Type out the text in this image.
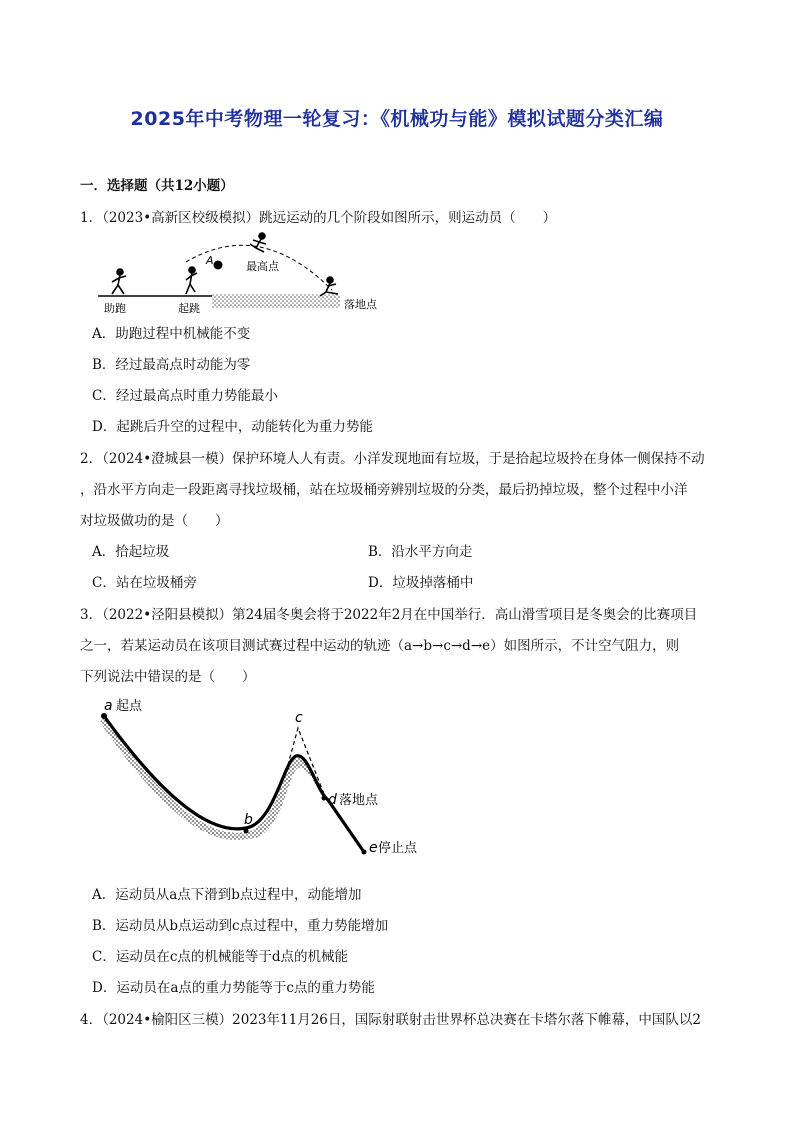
2025年中考物理一轮复习：《机械功与能》模拟试题分类汇编
一．选择题（共12小题）
1．（2023•高新区校级模拟）跳远运动的几个阶段如图所示，则运动员（　　）
A	最高点
助跑	起跳	落地点
A．助跑过程中机械能不变
B．经过最高点时动能为零
C．经过最高点时重力势能最小
D．起跳后升空的过程中，动能转化为重力势能
2．（2024•澄城县一模）保护环境人人有责。小洋发现地面有垃圾，于是拾起垃圾拎在身体一侧保持不动
，沿水平方向走一段距离寻找垃圾桶，站在垃圾桶旁辨别垃圾的分类，最后扔掉垃圾，整个过程中小洋
对垃圾做功的是（　　）
A．拾起垃圾	B．沿水平方向走
C．站在垃圾桶旁	D．垃圾掉落桶中
3．（2022•泾阳县模拟）第24届冬奥会将于2022年2月在中国举行．高山滑雪项目是冬奥会的比赛项目
之一，若某运动员在该项目测试赛过程中运动的轨迹（a→b→c→d→e）如图所示，不计空气阻力，则
下列说法中错误的是（　　）
a 起点
b
c
d 落地点
e 停止点
A．运动员从a点下滑到b点过程中，动能增加
B．运动员从b点运动到c点过程中，重力势能增加
C．运动员在c点的机械能等于d点的机械能
D．运动员在a点的重力势能等于c点的重力势能
4．（2024•榆阳区三模）2023年11月26日，国际射联射击世界杯总决赛在卡塔尔落下帷幕，中国队以2
